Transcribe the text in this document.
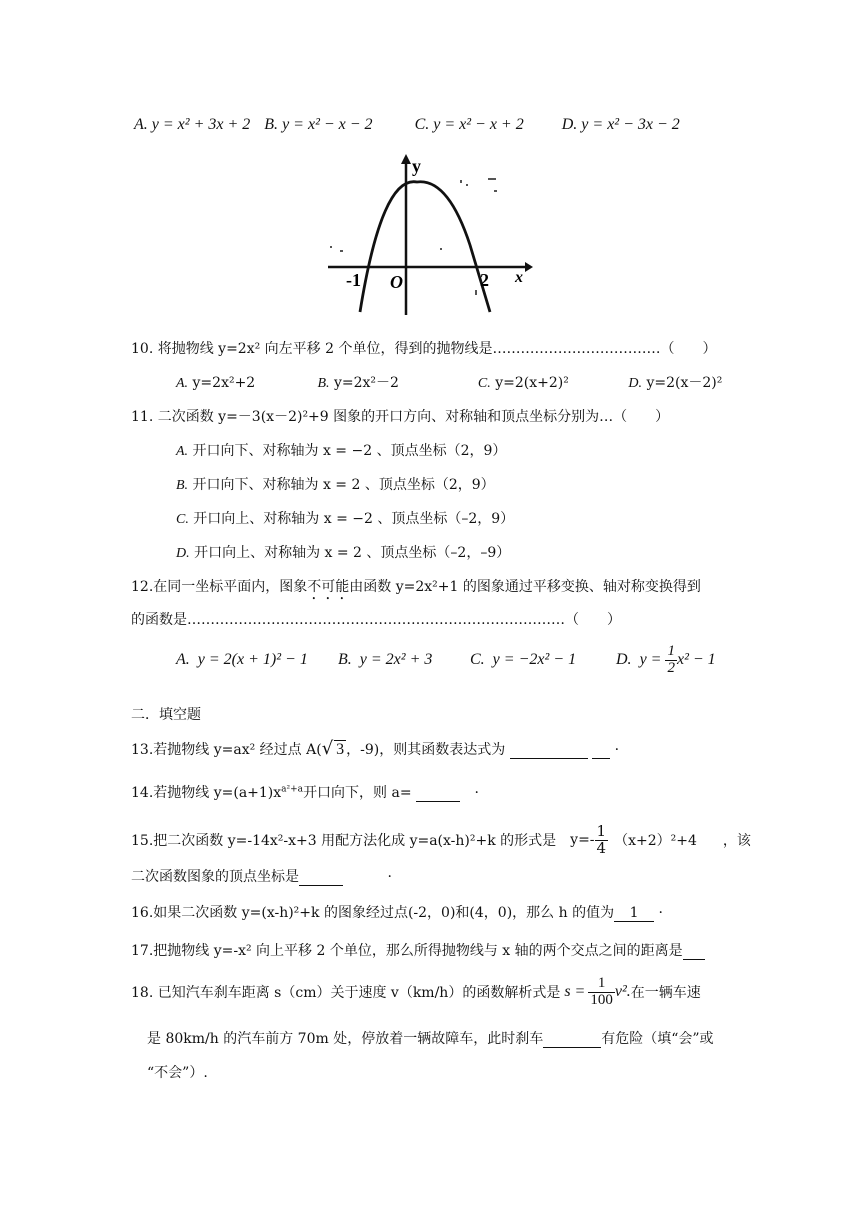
A. y = x² + 3x + 2 B. y = x² − x − 2	C. y = x² − x + 2 D. y = x² − 3x − 2
y
x
-1 O	2
10. 将抛物线 y=2x² 向左平移 2 个单位，得到的抛物线是………………………………（　　）
A. y=2x²+2	B. y=2x²－2	C. y=2(x+2)²	D. y=2(x－2)²
11. 二次函数 y=－3(x－2)²+9 图象的开口方向、对称轴和顶点坐标分别为…（　　）
A. 开口向下、对称轴为 x = −2 、顶点坐标（2，9）
B. 开口向下、对称轴为 x = 2 、顶点坐标（2，9）
C. 开口向上、对称轴为 x = −2 、顶点坐标（–2，9）
D. 开口向上、对称轴为 x = 2 、顶点坐标（–2，–9）
12.在同一坐标平面内，图象不可能由函数 y=2x²+1 的图象通过平移变换、轴对称变换得到
的函数是………………………………………………………………………（　　）
A. y = 2(x + 1)² − 1	B. y = 2x² + 3	C. y = −2x² − 1	D. $y = \frac{1}{2} x^2 - 1$
二．填空题
13.若抛物线 y=ax² 经过点 A(√ 3 ，-9)，则其函数表达式为	·
14.若抛物线 $y=(a+1)x^{a^2+a}$开口向下，则 a=	·
15.把二次函数 y=-14x²-x+3 用配方法化成 y=a(x-h)²+k 的形式是 $y=- \frac{1}{4} (x+2)^2+4$ ，该
二次函数图象的顶点坐标是	·
16.如果二次函数 y=(x-h)²+k 的图象经过点(-2，0)和(4，0)，那么 h 的值为 1 ·
17.把抛物线 y=-x² 向上平移 2 个单位，那么所得抛物线与 x 轴的两个交点之间的距离是
18. 已知汽车刹车距离 s（cm）关于速度 v（km/h）的函数解析式是 $s = \frac{1}{100} v^2$. 在一辆车速
是 80km/h 的汽车前方 70m 处，停放着一辆故障车，此时刹车	有危险（填“会”或
“不会”）.
